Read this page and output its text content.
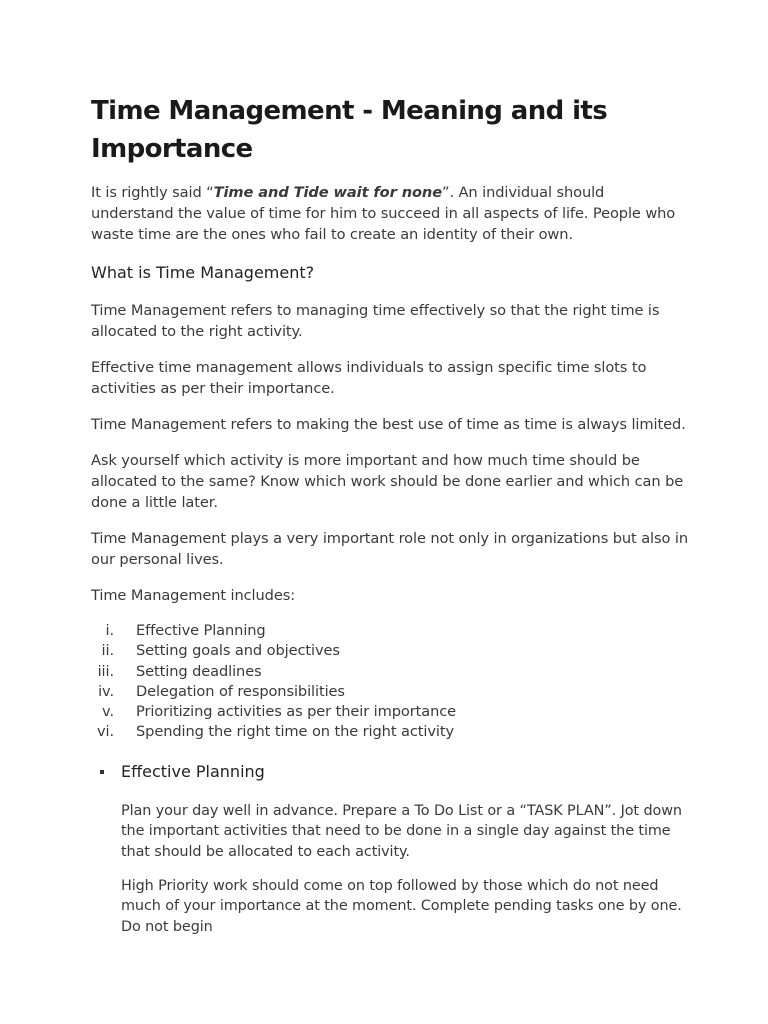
Time Management - Meaning and its Importance

It is rightly said “Time and Tide wait for none”. An individual should understand the value of time for him to succeed in all aspects of life. People who waste time are the ones who fail to create an identity of their own.

What is Time Management?

Time Management refers to managing time effectively so that the right time is allocated to the right activity.

Effective time management allows individuals to assign specific time slots to activities as per their importance.

Time Management refers to making the best use of time as time is always limited.

Ask yourself which activity is more important and how much time should be allocated to the same? Know which work should be done earlier and which can be done a little later.

Time Management plays a very important role not only in organizations but also in our personal lives.

Time Management includes:

i. Effective Planning
ii. Setting goals and objectives
iii. Setting deadlines
iv. Delegation of responsibilities
v. Prioritizing activities as per their importance
vi. Spending the right time on the right activity
Effective Planning

Plan your day well in advance. Prepare a To Do List or a “TASK PLAN”. Jot down the important activities that need to be done in a single day against the time that should be allocated to each activity.

High Priority work should come on top followed by those which do not need much of your importance at the moment. Complete pending tasks one by one. Do not begin
